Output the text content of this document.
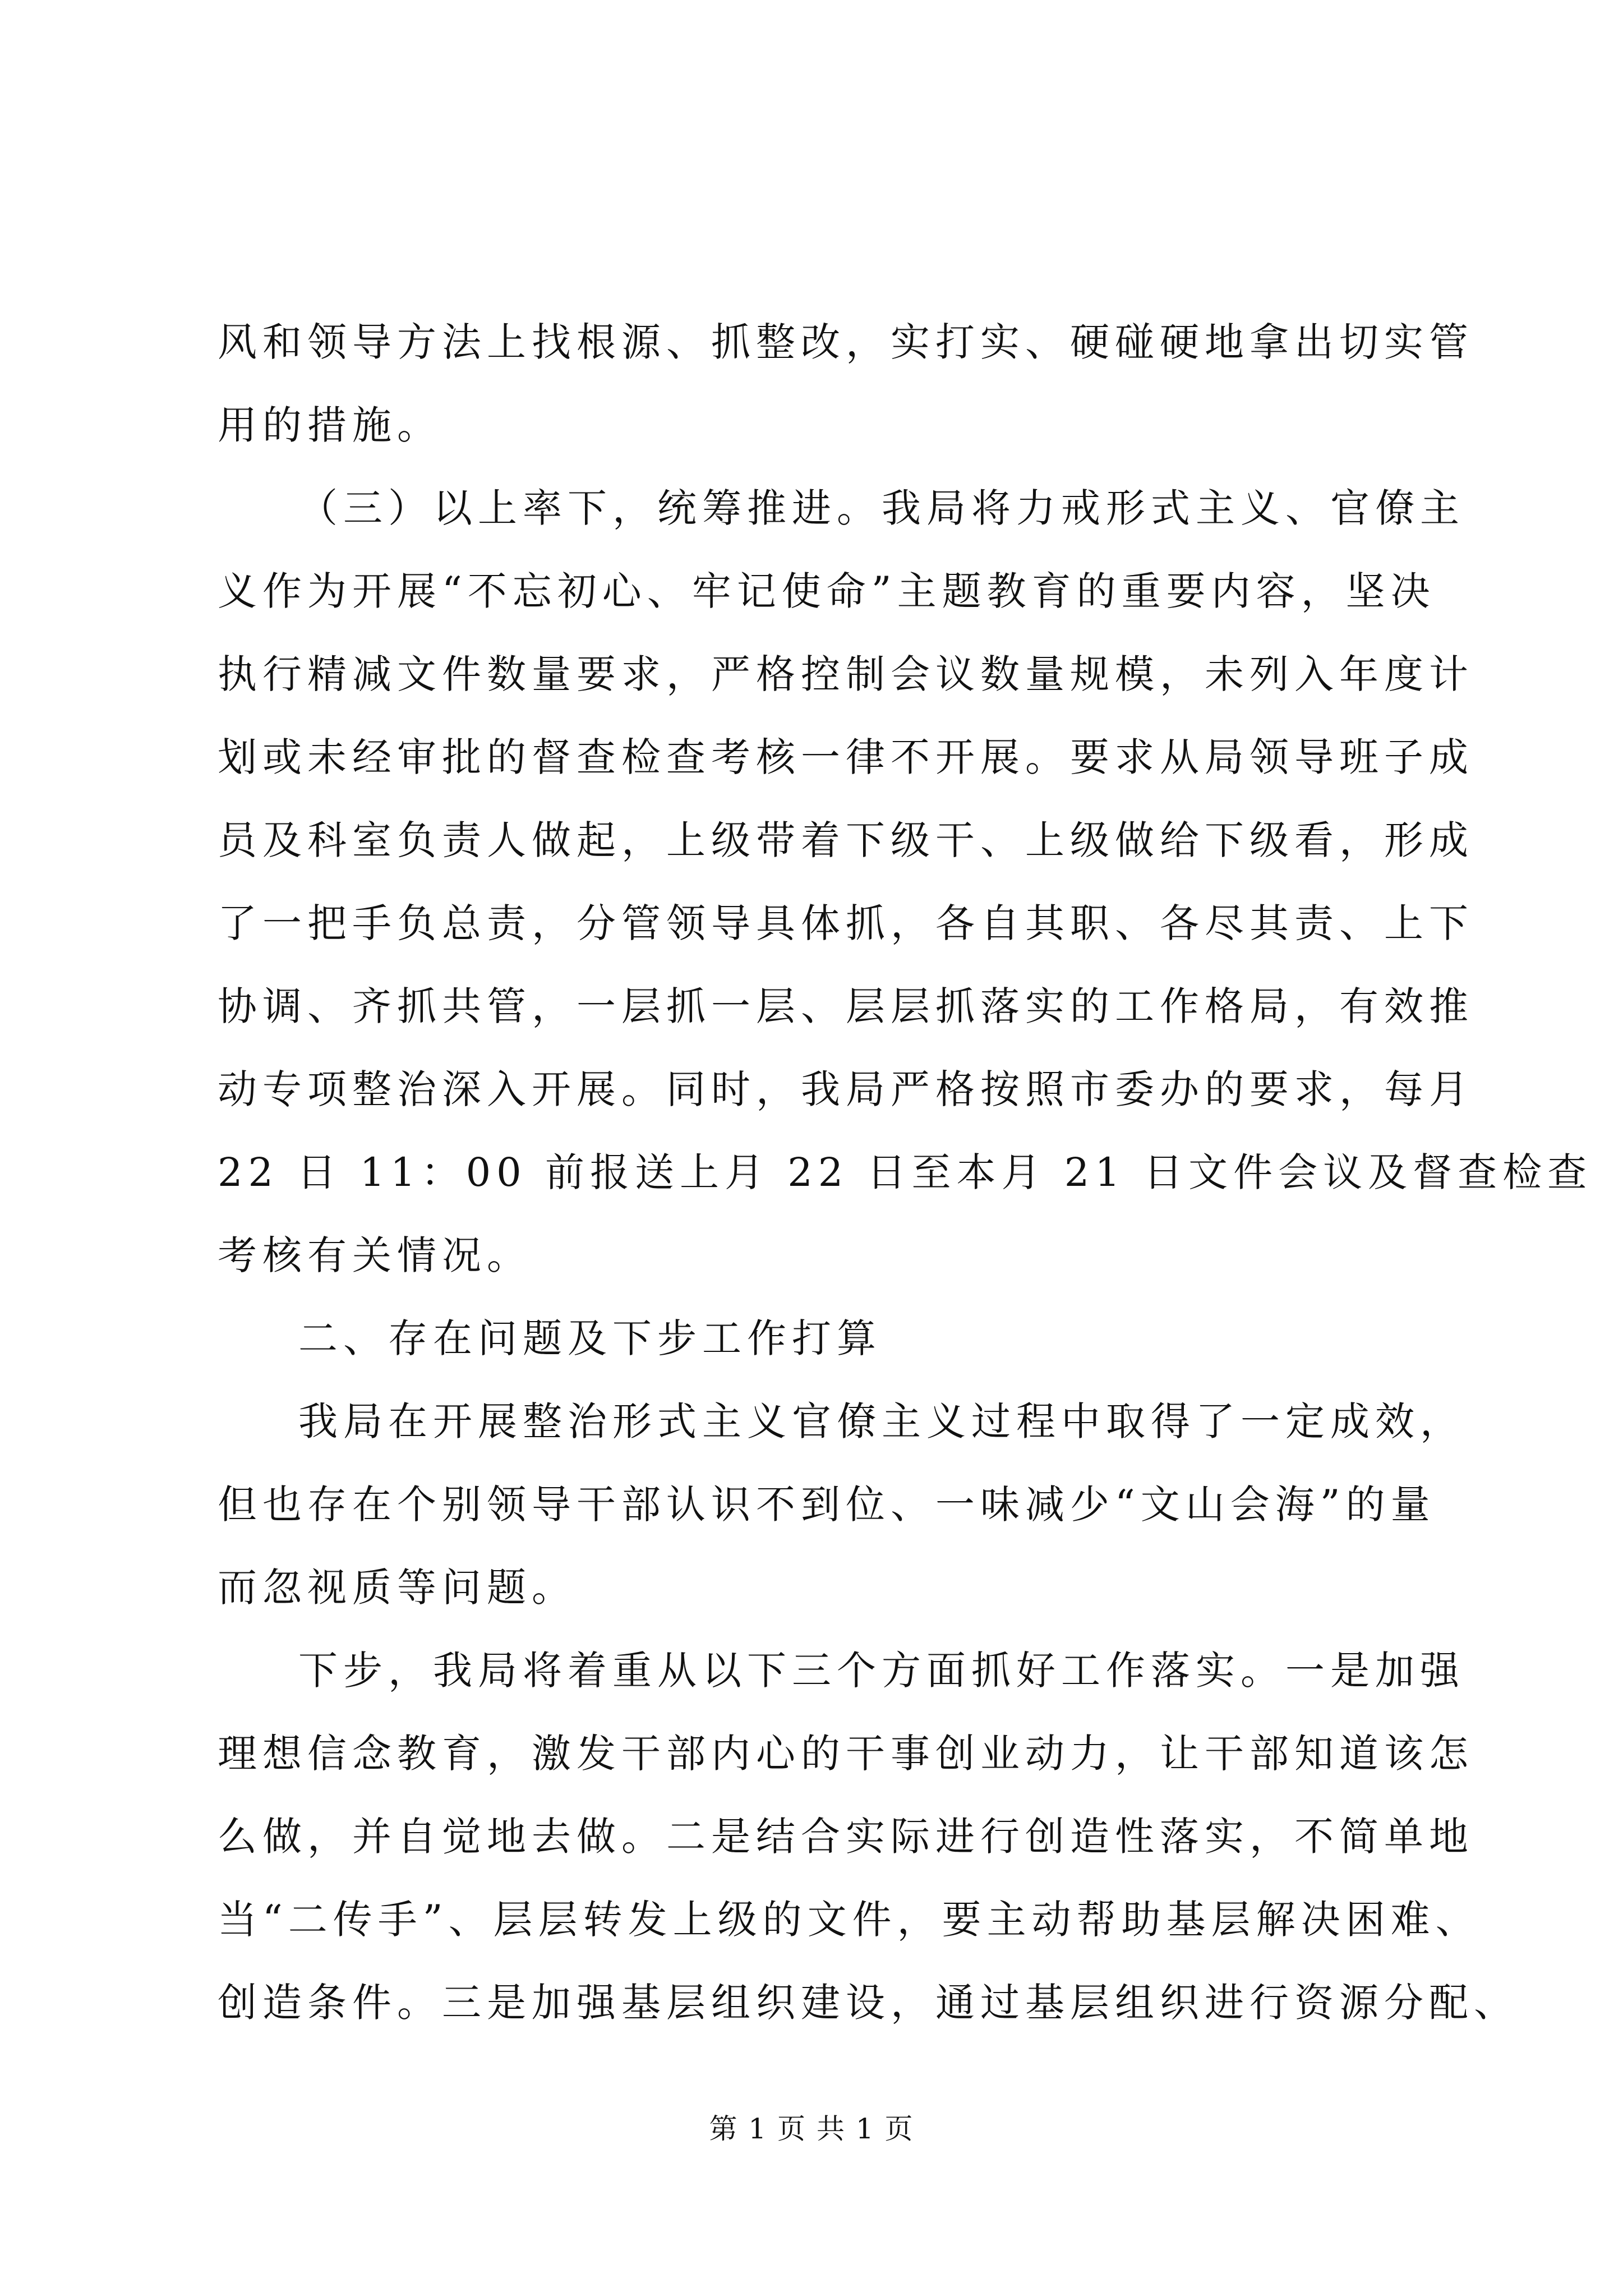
风和领导方法上找根源、抓整改，实打实、硬碰硬地拿出切实管

用的措施。

（三）以上率下，统筹推进。我局将力戒形式主义、官僚主

义作为开展“不忘初心、牢记使命”主题教育的重要内容，坚决

执行精减文件数量要求，严格控制会议数量规模，未列入年度计

划或未经审批的督查检查考核一律不开展。要求从局领导班子成

员及科室负责人做起，上级带着下级干、上级做给下级看，形成

了一把手负总责，分管领导具体抓，各自其职、各尽其责、上下

协调、齐抓共管，一层抓一层、层层抓落实的工作格局，有效推

动专项整治深入开展。同时，我局严格按照市委办的要求，每月

22 日 11：00 前报送上月 22 日至本月 21 日文件会议及督查检查

考核有关情况。

二、存在问题及下步工作打算

我局在开展整治形式主义官僚主义过程中取得了一定成效，

但也存在个别领导干部认识不到位、一味减少“文山会海”的量

而忽视质等问题。

下步，我局将着重从以下三个方面抓好工作落实。一是加强

理想信念教育，激发干部内心的干事创业动力，让干部知道该怎

么做，并自觉地去做。二是结合实际进行创造性落实，不简单地

当“二传手”、层层转发上级的文件，要主动帮助基层解决困难、

创造条件。三是加强基层组织建设，通过基层组织进行资源分配、

第 1 页 共 1 页
